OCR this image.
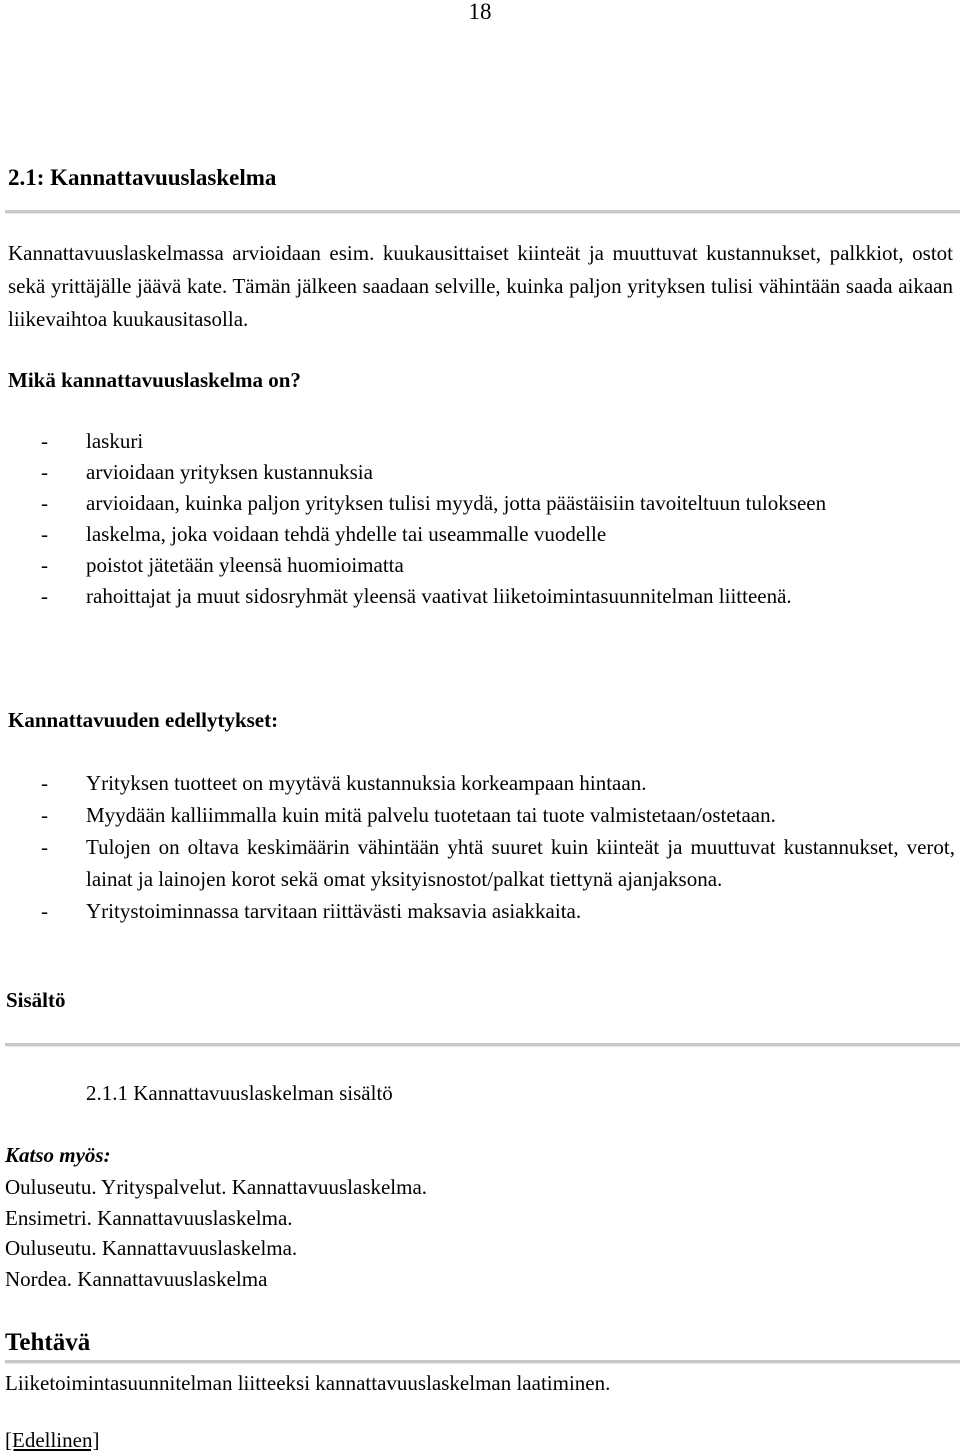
18
2.1: Kannattavuuslaskelma

Kannattavuuslaskelmassa arvioidaan esim. kuukausittaiset kiinteät ja muuttuvat kustannukset, palkkiot, ostot sekä yrittäjälle jäävä kate. Tämän jälkeen saadaan selville, kuinka paljon yrityksen tulisi vähintään saada aikaan liikevaihtoa kuukausitasolla.

Mikä kannattavuuslaskelma on?
- laskuri
- arvioidaan yrityksen kustannuksia
- arvioidaan, kuinka paljon yrityksen tulisi myydä, jotta päästäisiin tavoiteltuun tulokseen
- laskelma, joka voidaan tehdä yhdelle tai useammalle vuodelle
- poistot jätetään yleensä huomioimatta
- rahoittajat ja muut sidosryhmät yleensä vaativat liiketoimintasuunnitelman liitteenä.
Kannattavuuden edellytykset:
- Yrityksen tuotteet on myytävä kustannuksia korkeampaan hintaan.
- Myydään kalliimmalla kuin mitä palvelu tuotetaan tai tuote valmistetaan/ostetaan.
- Tulojen on oltava keskimäärin vähintään yhtä suuret kuin kiinteät ja muuttuvat kustannukset, verot, lainat ja lainojen korot sekä omat yksityisnostot/palkat tiettynä ajanjaksona.
- Yritystoiminnassa tarvitaan riittävästi maksavia asiakkaita.
Sisältö
2.1.1 Kannattavuuslaskelman sisältö
Katso myös:
Ouluseutu. Yrityspalvelut. Kannattavuuslaskelma.
Ensimetri. Kannattavuuslaskelma.
Ouluseutu. Kannattavuuslaskelma.
Nordea. Kannattavuuslaskelma
Tehtävä

Liiketoimintasuunnitelman liitteeksi kannattavuuslaskelman laatiminen.

[Edellinen]
